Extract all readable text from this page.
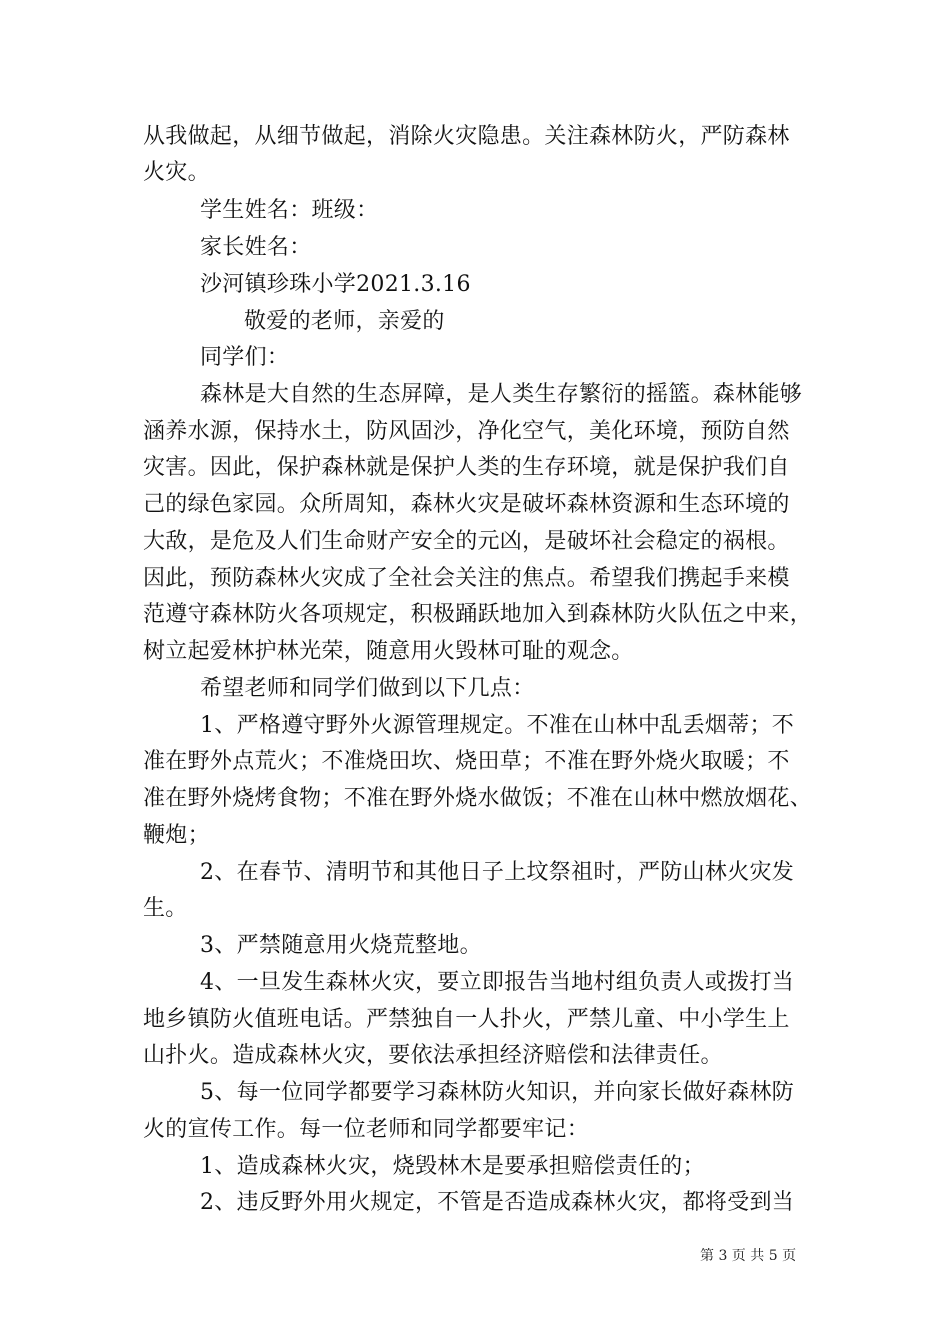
从我做起，从细节做起，消除火灾隐患。关注森林防火，严防森林
火灾。
学生姓名：班级：
家长姓名：
沙河镇珍珠小学2021.3.16
敬爱的老师，亲爱的
同学们：
森林是大自然的生态屏障，是人类生存繁衍的摇篮。森林能够
涵养水源，保持水土，防风固沙，净化空气，美化环境，预防自然
灾害。因此，保护森林就是保护人类的生存环境，就是保护我们自
己的绿色家园。众所周知，森林火灾是破坏森林资源和生态环境的
大敌，是危及人们生命财产安全的元凶，是破坏社会稳定的祸根。
因此，预防森林火灾成了全社会关注的焦点。希望我们携起手来模
范遵守森林防火各项规定，积极踊跃地加入到森林防火队伍之中来，
树立起爱林护林光荣，随意用火毁林可耻的观念。
希望老师和同学们做到以下几点：
1、严格遵守野外火源管理规定。不准在山林中乱丢烟蒂；不
准在野外点荒火；不准烧田坎、烧田草；不准在野外烧火取暖；不
准在野外烧烤食物；不准在野外烧水做饭；不准在山林中燃放烟花、
鞭炮；
2、在春节、清明节和其他日子上坟祭祖时，严防山林火灾发
生。
3、严禁随意用火烧荒整地。
4、一旦发生森林火灾，要立即报告当地村组负责人或拨打当
地乡镇防火值班电话。严禁独自一人扑火，严禁儿童、中小学生上
山扑火。造成森林火灾，要依法承担经济赔偿和法律责任。
5、每一位同学都要学习森林防火知识，并向家长做好森林防
火的宣传工作。每一位老师和同学都要牢记：
1、造成森林火灾，烧毁林木是要承担赔偿责任的；
2、违反野外用火规定，不管是否造成森林火灾，都将受到当
第 3 页 共 5 页
